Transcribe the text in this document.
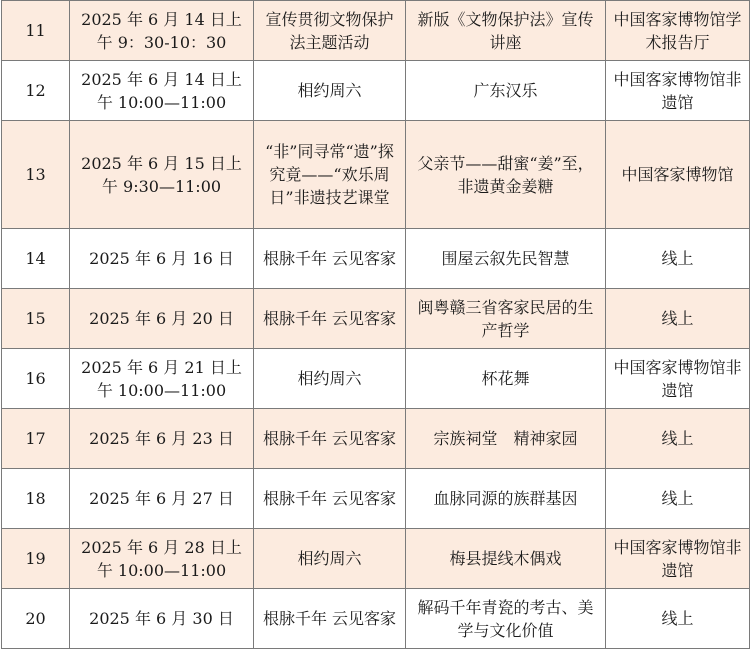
11	2025 年 6 月 14 日上午 9：30-10：30	宣传贯彻文物保护法主题活动	新版《文物保护法》宣传讲座	中国客家博物馆学术报告厅
12	2025 年 6 月 14 日上午 10:00—11:00	相约周六	广东汉乐	中国客家博物馆非遗馆
13	2025 年 6 月 15 日上午 9:30—11:00	“非”同寻常“遗”探究竟——“欢乐周日”非遗技艺课堂	父亲节——甜蜜“姜”至，非遗黄金姜糖	中国客家博物馆
14	2025 年 6 月 16 日	根脉千年 云见客家	围屋云叙先民智慧	线上
15	2025 年 6 月 20 日	根脉千年 云见客家	闽粤赣三省客家民居的生产哲学	线上
16	2025 年 6 月 21 日上午 10:00—11:00	相约周六	杯花舞	中国客家博物馆非遗馆
17	2025 年 6 月 23 日	根脉千年 云见客家	宗族祠堂　精神家园	线上
18	2025 年 6 月 27 日	根脉千年 云见客家	血脉同源的族群基因	线上
19	2025 年 6 月 28 日上午 10:00—11:00	相约周六	梅县提线木偶戏	中国客家博物馆非遗馆
20	2025 年 6 月 30 日	根脉千年 云见客家	解码千年青瓷的考古、美学与文化价值	线上
